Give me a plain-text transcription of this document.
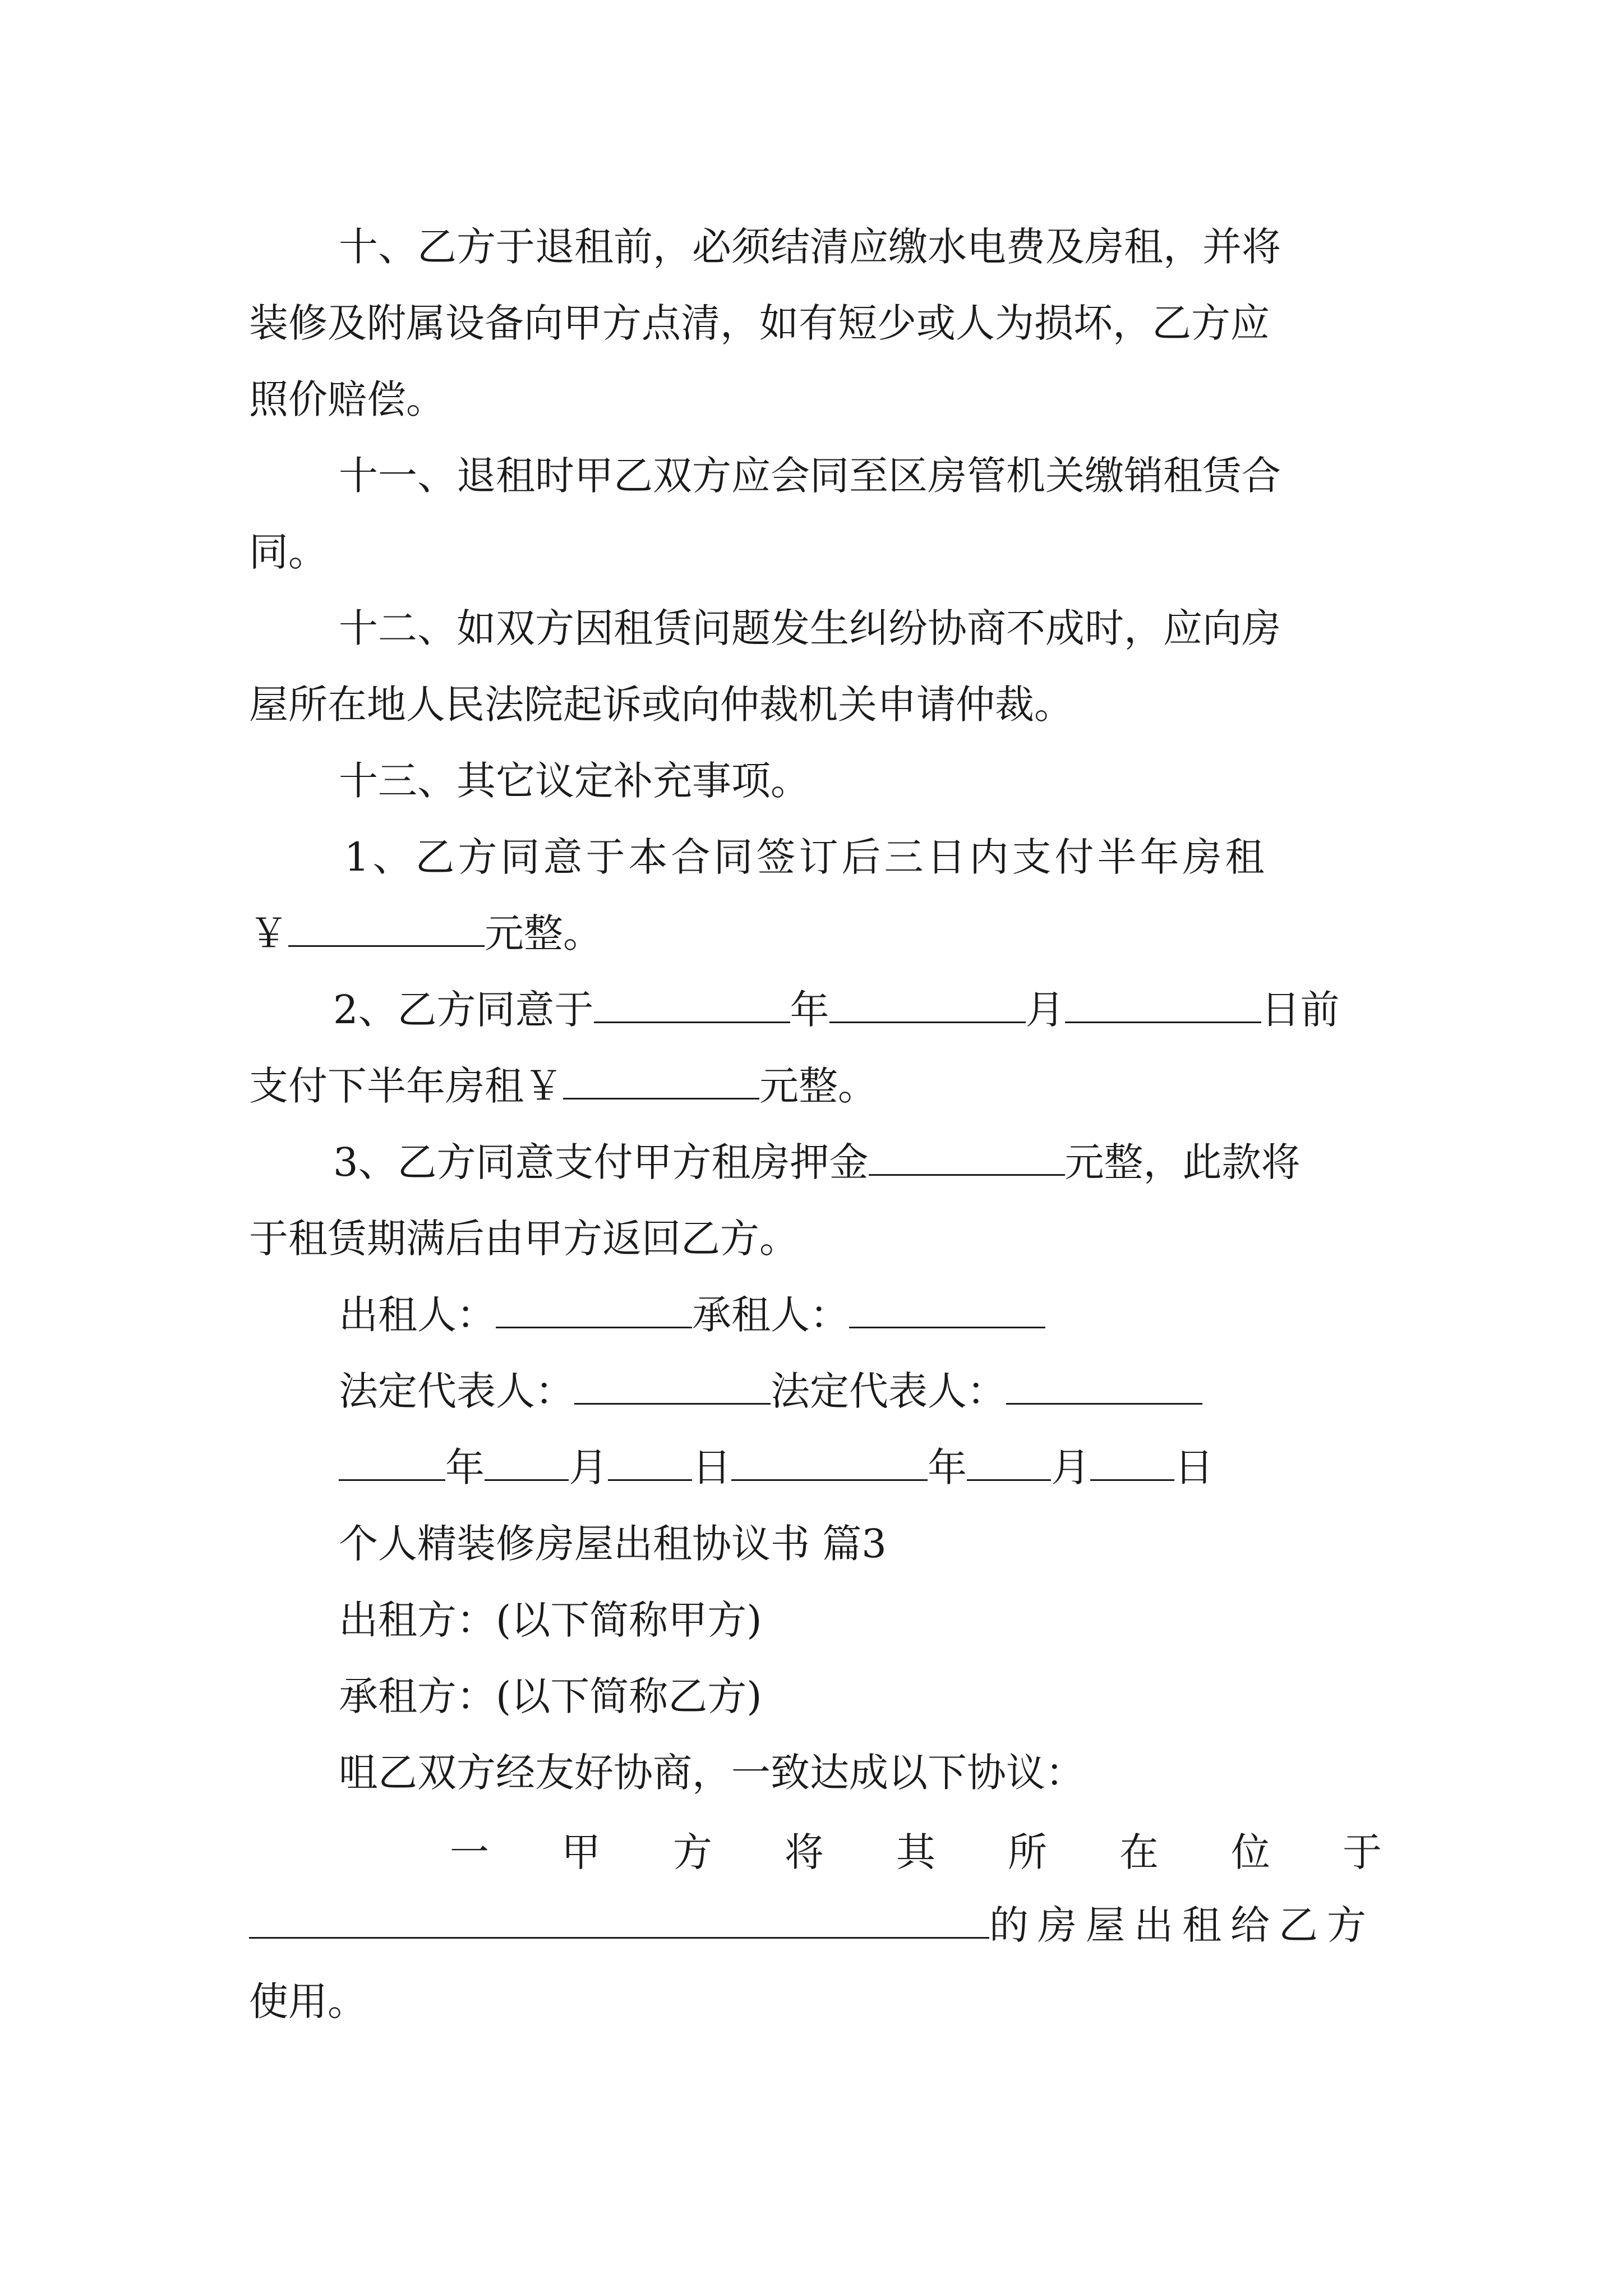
十、乙方于退租前，必须结清应缴水电费及房租，并将
装修及附属设备向甲方点清，如有短少或人为损坏，乙方应
照价赔偿。
十一、退租时甲乙双方应会同至区房管机关缴销租赁合
同。
十二、如双方因租赁问题发生纠纷协商不成时，应向房
屋所在地人民法院起诉或向仲裁机关申请仲裁。
十三、其它议定补充事项。
1、乙方同意于本合同签订后三日内支付半年房租
￥	元整。
2、乙方同意于	年	月	日前
支付下半年房租￥	元整。
3、乙方同意支付甲方租房押金	元整，此款将
于租赁期满后由甲方返回乙方。
出租人：	承租人：
法定代表人：	法定代表人：
年 月 日	年 月 日
个人精装修房屋出租协议书 篇3
出租方：(以下简称甲方)
承租方：(以下简称乙方)
咀乙双方经友好协商，一致达成以下协议：
一 甲 方 将 其 所 在 位 于
的房屋出租给乙方
使用。
